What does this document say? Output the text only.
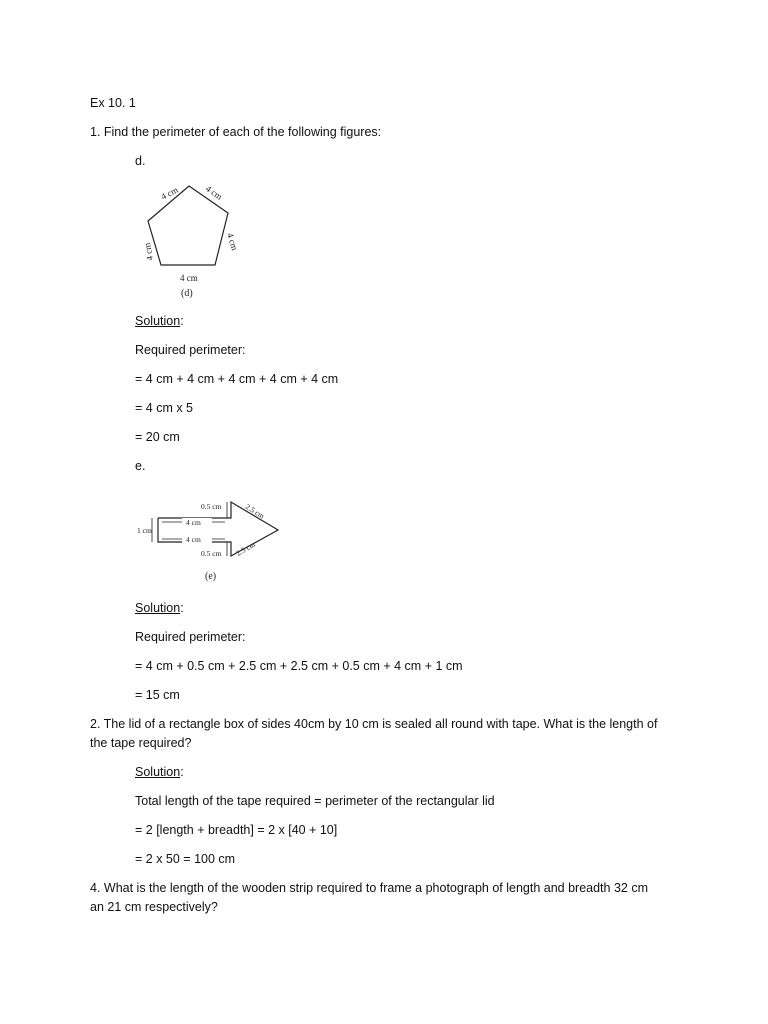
Ex 10. 1
1. Find the perimeter of each of the following figures:
d.
4 cm	4 cm
4 cm
4 cm
4 cm
(d)
Solution:
Required perimeter:
= 4 cm + 4 cm + 4 cm + 4 cm + 4 cm
= 4 cm x 5
= 20 cm
e.
0.5 cm	2.5 cm
4 cm
1 cm
4 cm
0.5 cm 2.5 cm
(e)
Solution:
Required perimeter:
= 4 cm + 0.5 cm + 2.5 cm + 2.5 cm + 0.5 cm + 4 cm + 1 cm
= 15 cm
2. The lid of a rectangle box of sides 40cm by 10 cm is sealed all round with tape. What is the length of
the tape required?
Solution:
Total length of the tape required = perimeter of the rectangular lid
= 2 [length + breadth] = 2 x [40 + 10]
= 2 x 50 = 100 cm
4. What is the length of the wooden strip required to frame a photograph of length and breadth 32 cm
an 21 cm respectively?
